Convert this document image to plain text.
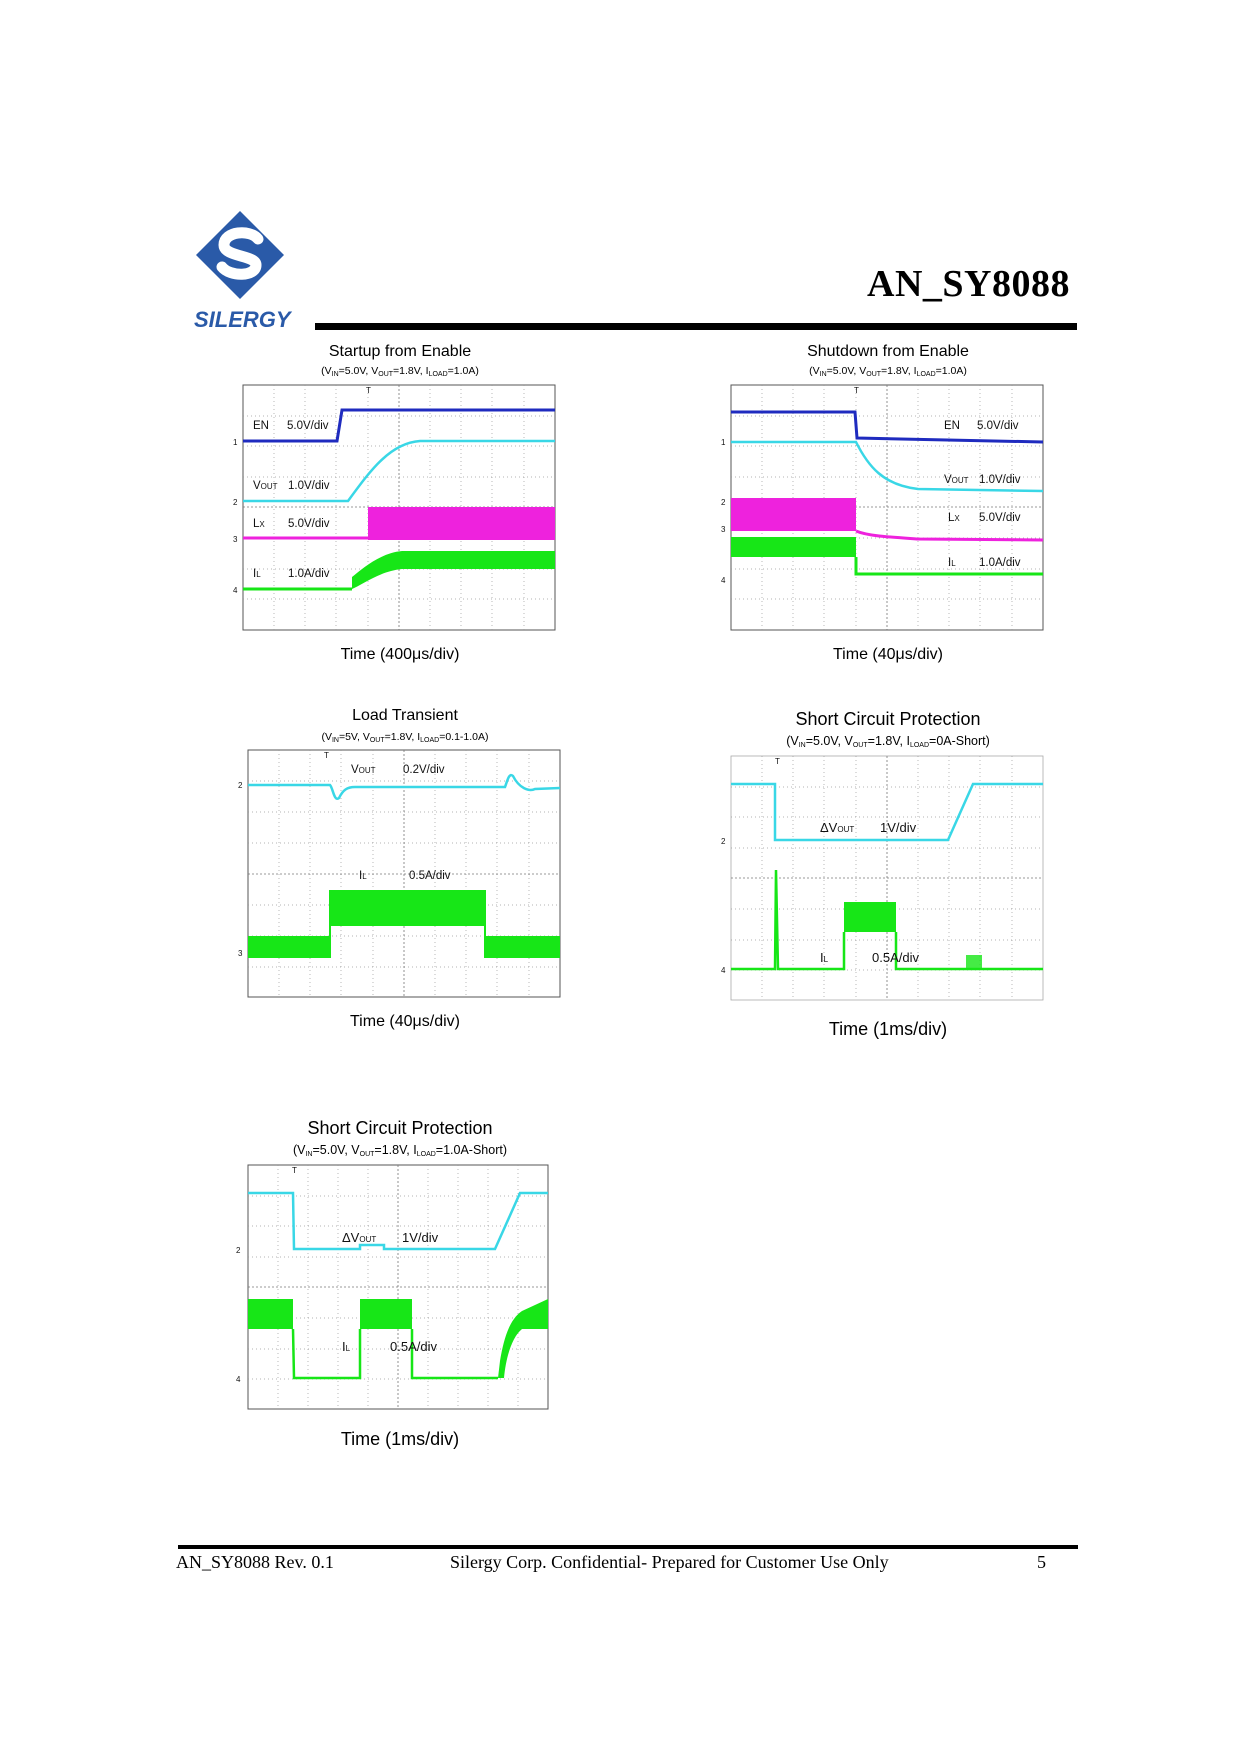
SILERGY
AN_SY8088
Startup from Enable
($V_{IN}=5.0V$, $V_{OUT}=1.8V$, $I_{LOAD}=1.0A$)
1
2
3
4
T
EN 5.0V/div
VOUT 1.0V/div
LX 5.0V/div
IL 1.0A/div
Time (400μs/div)
Shutdown from Enable
($V_{IN}=5.0V$, $V_{OUT}=1.8V$, $I_{LOAD}=1.0A$)
1
2
3
4
T
EN 5.0V/div
VOUT 1.0V/div
LX 5.0V/div
IL 1.0A/div
Time (40μs/div)
Load Transient
($V_{IN}=5V$, $V_{OUT}=1.8V$, $I_{LOAD}=0.1-1.0A$)
2
3
T
VOUT 0.2V/div
IL	0.5A/div
Time (40μs/div)
Short Circuit Protection
($V_{IN}=5.0V$, $V_{OUT}=1.8V$, $I_{LOAD}=0A-Short$)
2
4
T
ΔVOUT 1V/div
IL	0.5A/div
Time (1ms/div)
Short Circuit Protection
($V_{IN}=5.0V$, $V_{OUT}=1.8V$, $I_{LOAD}=1.0A-Short$)
2
4
T
ΔVOUT 1V/div
IL	0.5A/div
Time (1ms/div)
AN_SY8088 Rev. 0.1	Silergy Corp. Confidential- Prepared for Customer Use Only	5
